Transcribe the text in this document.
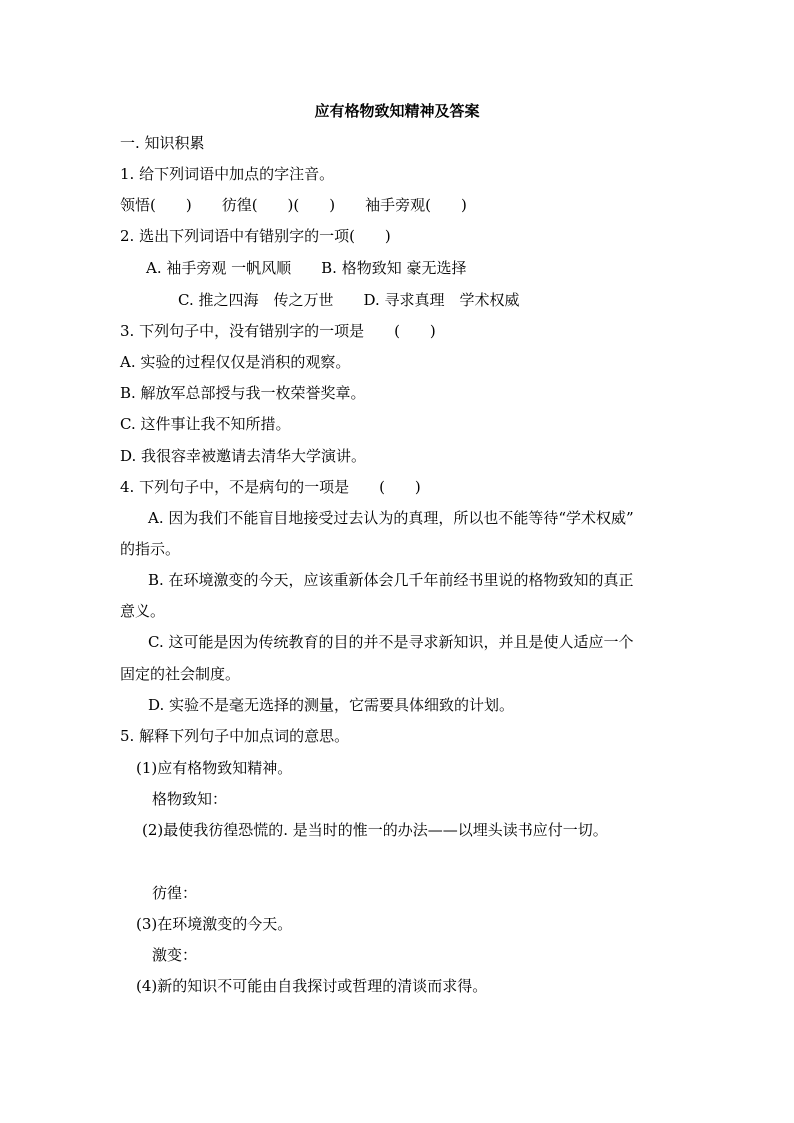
应有格物致知精神及答案
一. 知识积累
1. 给下列词语中加点的字注音。
领悟(　　)　　彷徨(　　)(　　)　　袖手旁观(　　)
2. 选出下列词语中有错别字的一项(　　)
A. 袖手旁观 一帆风顺　　B. 格物致知 豪无选择
C. 推之四海　传之万世　　D. 寻求真理　学术权威
3. 下列句子中，没有错别字的一项是　　(　　)
A. 实验的过程仅仅是消积的观察。
B. 解放军总部授与我一枚荣誉奖章。
C. 这件事让我不知所措。
D. 我很容幸被邀请去清华大学演讲。
4. 下列句子中，不是病句的一项是　　(　　)
A. 因为我们不能盲目地接受过去认为的真理，所以也不能等待“学术权威”
的指示。
B. 在环境激变的今天，应该重新体会几千年前经书里说的格物致知的真正
意义。
C. 这可能是因为传统教育的目的并不是寻求新知识，并且是使人适应一个
固定的社会制度。
D. 实验不是毫无选择的测量，它需要具体细致的计划。
5. 解释下列句子中加点词的意思。
(1)应有格物致知精神。
格物致知：
(2)最使我彷徨恐慌的. 是当时的惟一的办法——以埋头读书应付一切。
彷徨：
(3)在环境激变的今天。
激变：
(4)新的知识不可能由自我探讨或哲理的清谈而求得。
